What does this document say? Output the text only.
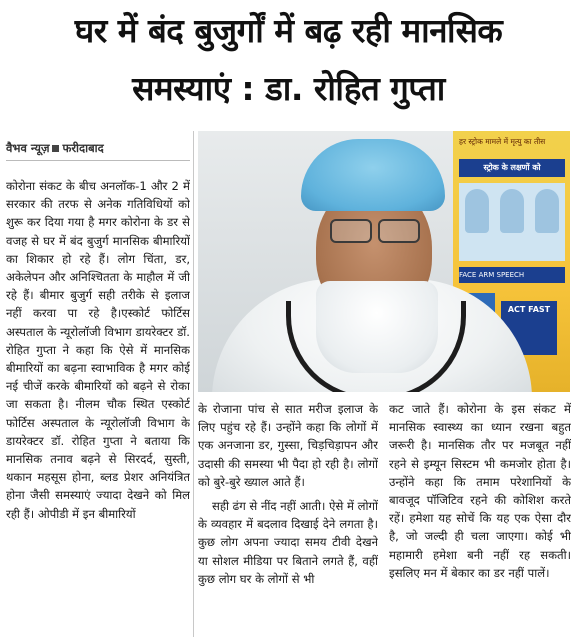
घर में बंद बुजुर्गों में बढ़ रही मानसिक
समस्याएं : डा. रोहित गुप्ता
वैभव न्यूज़ फरीदाबाद

कोरोना संकट के बीच अनलॉक-1 और 2 में सरकार की तरफ से अनेक गतिविधियों को शुरू कर दिया गया है मगर कोरोना के डर से वजह से घर में बंद बुजुर्ग मानसिक बीमारियों का शिकार हो रहे हैं। लोग चिंता, डर, अकेलेपन और अनिश्चितता के माहौल में जी रहे हैं। बीमार बुजुर्ग सही तरीके से इलाज नहीं करवा पा रहे है।एस्कोर्ट फोर्टिस अस्पताल के न्यूरोलॉजी विभाग डायरेक्टर डॉ. रोहित गुप्ता ने कहा कि ऐसे में मानसिक बीमारियों का बढ़ना स्वाभाविक है मगर कोई नई चीजें करके बीमारियों को बढ़ने से रोका जा सकता है। नीलम चौक स्थित एस्कोर्ट फोर्टिस अस्पताल के न्यूरोलॉजी विभाग के डायरेक्टर डॉ. रोहित गुप्ता ने बताया कि मानसिक तनाव बढ़ने से सिरदर्द, सुस्ती, थकान महसूस होना, ब्लड प्रेशर अनियंत्रित होना जैसी समस्याएं ज्यादा देखने को मिल रही हैं। ओपीडी में इन बीमारियों

हर स्ट्रोक मामले में मृत्यु का तीस
स्ट्रोक के लक्षणों को
FACE ARM SPEECH
ACT FAST

के रोजाना पांच से सात मरीज इलाज के लिए पहुंच रहे हैं। उन्होंने कहा कि लोगों में एक अनजाना डर, गुस्सा, चिड़चिड़ापन और उदासी की समस्या भी पैदा हो रही है। लोगों को बुरे-बुरे ख्याल आते हैं।

सही ढंग से नींद नहीं आती। ऐसे में लोगों के व्यवहार में बदलाव दिखाई देने लगता है। कुछ लोग अपना ज्यादा समय टीवी देखने या सोशल मीडिया पर बिताने लगते हैं, वहीं कुछ लोग घर के लोगों से भी

कट जाते हैं। कोरोना के इस संकट में मानसिक स्वास्थ्य का ध्यान रखना बहुत जरूरी है। मानसिक तौर पर मजबूत नहीं रहने से इम्यून सिस्टम भी कमजोर होता है। उन्होंने कहा कि तमाम परेशानियों के बावजूद पॉजिटिव रहने की कोशिश करते रहें। हमेशा यह सोचें कि यह एक ऐसा दौर है, जो जल्दी ही चला जाएगा। कोई भी महामारी हमेशा बनी नहीं रह सकती। इसलिए मन में बेकार का डर नहीं पालें।
